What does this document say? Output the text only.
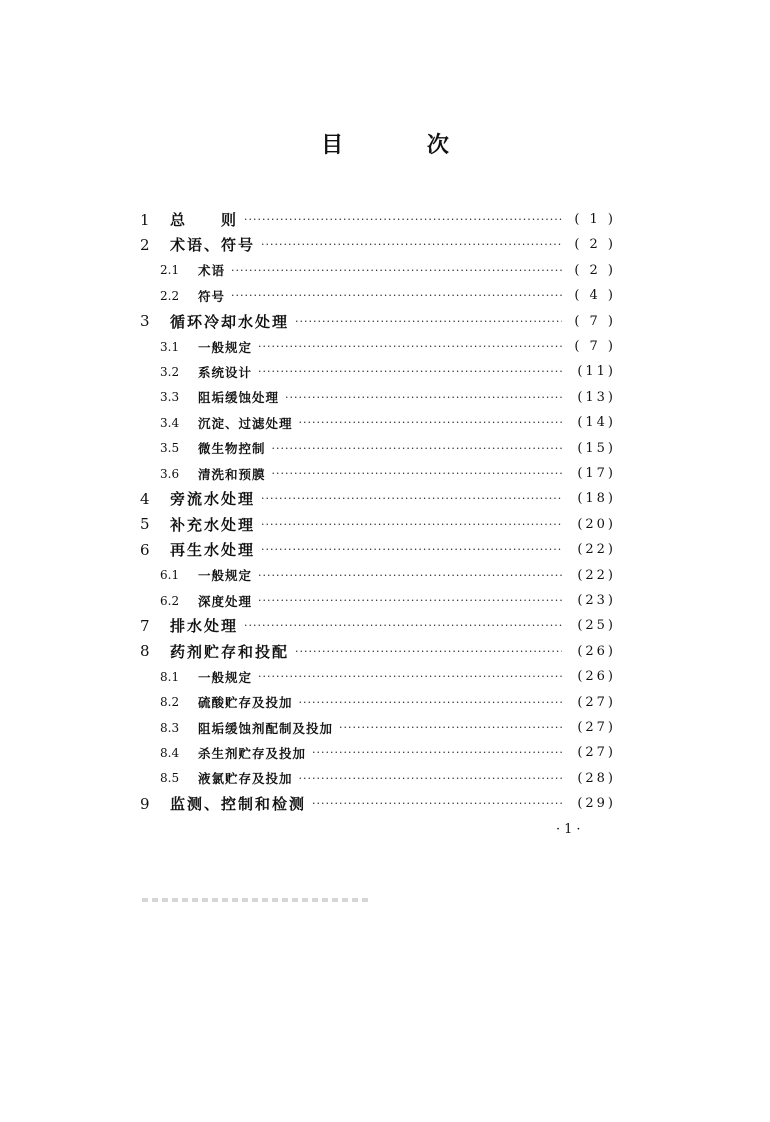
目 次
1	总　　则 ·····	( 1 )
2	术语、符号 ·····	( 2 )
2.1	术语 ·····	( 2 )
2.2	符号 ·····	( 4 )
3	循环冷却水处理 ·····	( 7 )
3.1	一般规定 ·····	( 7 )
3.2	系统设计 ·····	(11)
3.3	阻垢缓蚀处理 ·····	(13)
3.4	沉淀、过滤处理 ·····	(14)
3.5	微生物控制 ·····	(15)
3.6	清洗和预膜 ·····	(17)
4	旁流水处理 ·····	(18)
5	补充水处理 ·····	(20)
6	再生水处理 ·····	(22)
6.1	一般规定 ·····	(22)
6.2	深度处理 ·····	(23)
7	排水处理 ·····	(25)
8	药剂贮存和投配 ·····	(26)
8.1	一般规定 ·····	(26)
8.2	硫酸贮存及投加 ·····	(27)
8.3	阻垢缓蚀剂配制及投加 ·····	(27)
8.4	杀生剂贮存及投加 ·····	(27)
8.5	液氯贮存及投加 ·····	(28)
9	监测、控制和检测 ·····	(29)
·1·
